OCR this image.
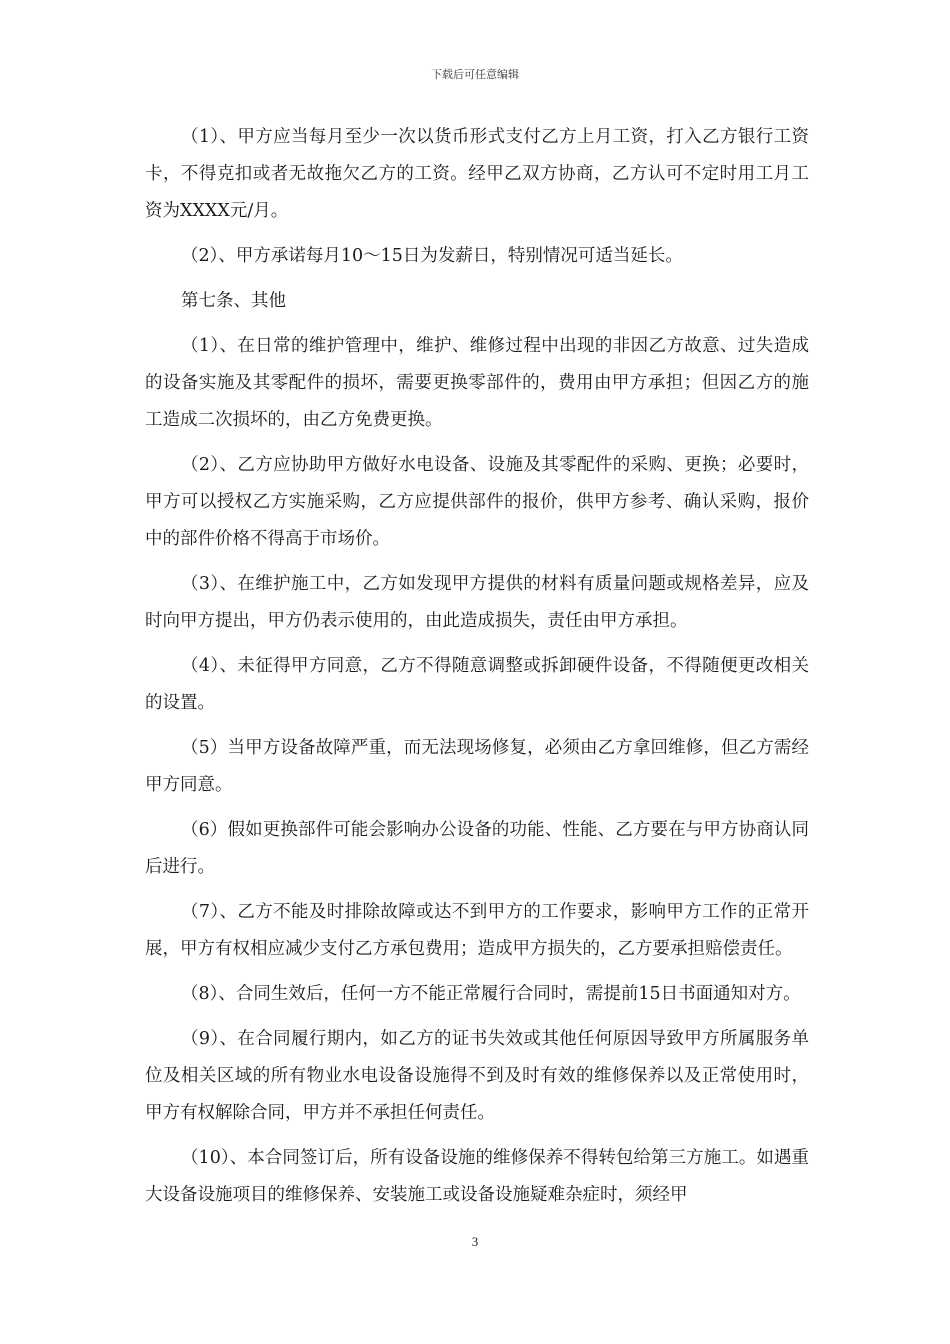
下载后可任意编辑

（1）、甲方应当每月至少一次以货币形式支付乙方上月工资，打入乙方银行工资卡，不得克扣或者无故拖欠乙方的工资。经甲乙双方协商，乙方认可不定时用工月工资为XXXX元/月。

（2）、甲方承诺每月10～15日为发薪日，特别情况可适当延长。

第七条、其他

（1）、在日常的维护管理中，维护、维修过程中出现的非因乙方故意、过失造成的设备实施及其零配件的损坏，需要更换零部件的，费用由甲方承担；但因乙方的施工造成二次损坏的，由乙方免费更换。

（2）、乙方应协助甲方做好水电设备、设施及其零配件的采购、更换；必要时，甲方可以授权乙方实施采购，乙方应提供部件的报价，供甲方参考、确认采购，报价中的部件价格不得高于市场价。

（3）、在维护施工中，乙方如发现甲方提供的材料有质量问题或规格差异，应及时向甲方提出，甲方仍表示使用的，由此造成损失，责任由甲方承担。

（4）、未征得甲方同意，乙方不得随意调整或拆卸硬件设备，不得随便更改相关的设置。

（5）当甲方设备故障严重，而无法现场修复，必须由乙方拿回维修，但乙方需经甲方同意。

（6）假如更换部件可能会影响办公设备的功能、性能、乙方要在与甲方协商认同后进行。

（7）、乙方不能及时排除故障或达不到甲方的工作要求，影响甲方工作的正常开展，甲方有权相应减少支付乙方承包费用；造成甲方损失的，乙方要承担赔偿责任。

（8）、合同生效后，任何一方不能正常履行合同时，需提前15日书面通知对方。

（9）、在合同履行期内，如乙方的证书失效或其他任何原因导致甲方所属服务单位及相关区域的所有物业水电设备设施得不到及时有效的维修保养以及正常使用时，甲方有权解除合同，甲方并不承担任何责任。

（10）、本合同签订后，所有设备设施的维修保养不得转包给第三方施工。如遇重大设备设施项目的维修保养、安装施工或设备设施疑难杂症时，须经甲

3
